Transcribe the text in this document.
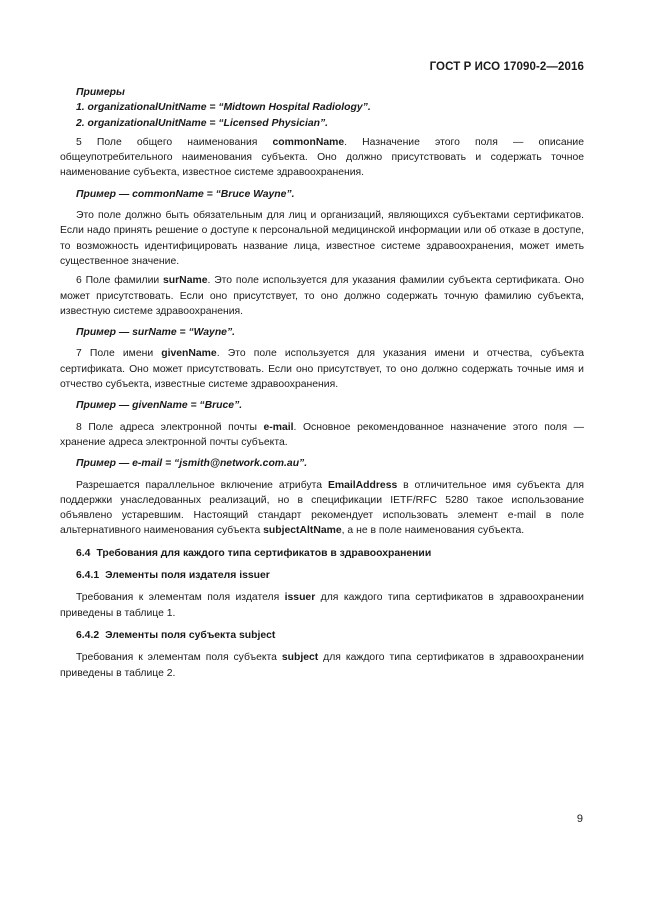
ГОСТ Р ИСО 17090-2—2016

Примеры

1. organizationalUnitName = “Midtown Hospital Radiology”.

2. organizationalUnitName = “Licensed Physician”.

5 Поле общего наименования commonName. Назначение этого поля — описание общеупотребительного наименования субъекта. Оно должно присутствовать и содержать точное наименование субъекта, известное системе здравоохранения.

Пример — commonName = “Bruce Wayne”.

Это поле должно быть обязательным для лиц и организаций, являющихся субъектами сертификатов. Если надо принять решение о доступе к персональной медицинской информации или об отказе в доступе, то возможность идентифицировать название лица, известное системе здравоохранения, может иметь существенное значение.

6 Поле фамилии surName. Это поле используется для указания фамилии субъекта сертификата. Оно может присутствовать. Если оно присутствует, то оно должно содержать точную фамилию субъекта, известную системе здравоохранения.

Пример — surName = “Wayne”.

7 Поле имени givenName. Это поле используется для указания имени и отчества, субъекта сертификата. Оно может присутствовать. Если оно присутствует, то оно должно содержать точные имя и отчество субъекта, известные системе здравоохранения.

Пример — givenName = “Bruce”.

8 Поле адреса электронной почты e-mail. Основное рекомендованное назначение этого поля — хранение адреса электронной почты субъекта.

Пример — e-mail = “jsmith@network.com.au”.

Разрешается параллельное включение атрибута EmailAddress в отличительное имя субъекта для поддержки унаследованных реализаций, но в спецификации IETF/RFC 5280 такое использование объявлено устаревшим. Настоящий стандарт рекомендует использовать элемент e-mail в поле альтернативного наименования субъекта subjectAltName, а не в поле наименования субъекта.

6.4 Требования для каждого типа сертификатов в здравоохранении

6.4.1 Элементы поля издателя issuer

Требования к элементам поля издателя issuer для каждого типа сертификатов в здравоохранении приведены в таблице 1.

6.4.2 Элементы поля субъекта subject

Требования к элементам поля субъекта subject для каждого типа сертификатов в здравоохранении приведены в таблице 2.

9
